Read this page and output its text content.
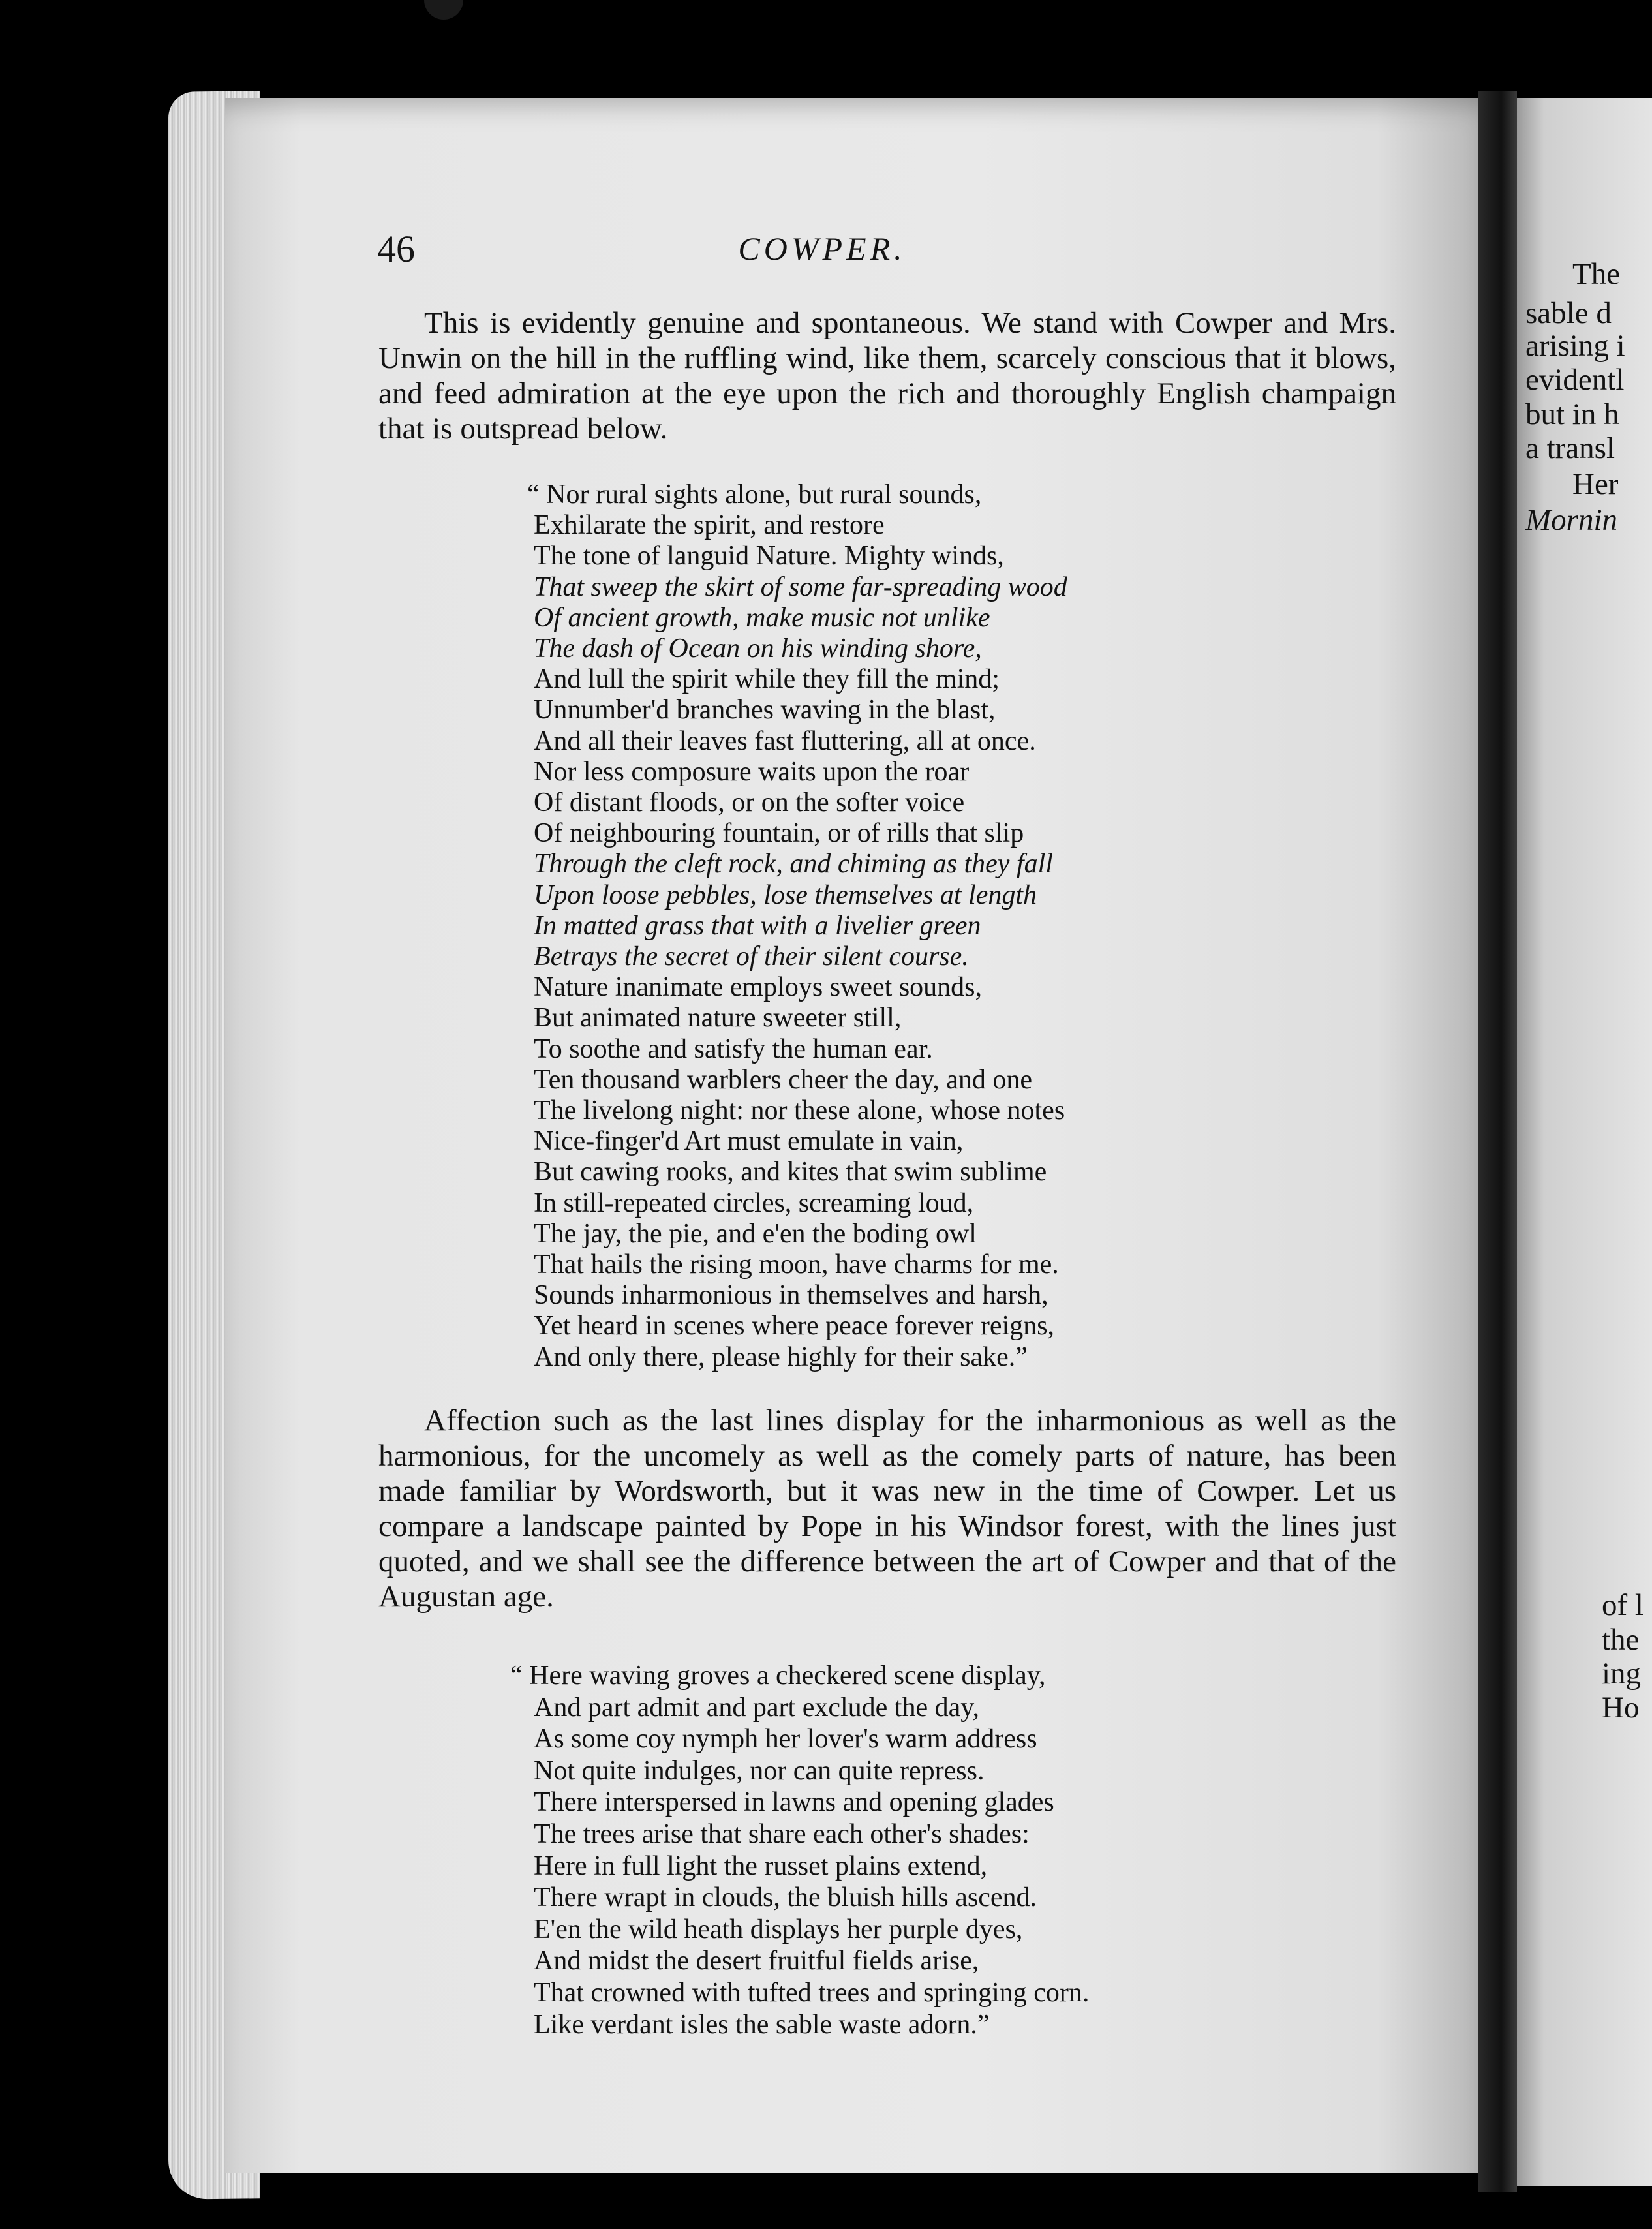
46	COWPER.

This is evidently genuine and spontaneous. We stand with Cowper and Mrs. Unwin on the hill in the ruffling wind, like them, scarcely conscious that it blows, and feed admiration at the eye upon the rich and thoroughly English champaign that is outspread below.

“ Nor rural sights alone, but rural sounds,
Exhilarate the spirit, and restore
The tone of languid Nature. Mighty winds,
That sweep the skirt of some far-spreading wood
Of ancient growth, make music not unlike
The dash of Ocean on his winding shore,
And lull the spirit while they fill the mind;
Unnumber'd branches waving in the blast,
And all their leaves fast fluttering, all at once.
Nor less composure waits upon the roar
Of distant floods, or on the softer voice
Of neighbouring fountain, or of rills that slip
Through the cleft rock, and chiming as they fall
Upon loose pebbles, lose themselves at length
In matted grass that with a livelier green
Betrays the secret of their silent course.
Nature inanimate employs sweet sounds,
But animated nature sweeter still,
To soothe and satisfy the human ear.
Ten thousand warblers cheer the day, and one
The livelong night: nor these alone, whose notes
Nice-finger'd Art must emulate in vain,
But cawing rooks, and kites that swim sublime
In still-repeated circles, screaming loud,
The jay, the pie, and e'en the boding owl
That hails the rising moon, have charms for me.
Sounds inharmonious in themselves and harsh,
Yet heard in scenes where peace forever reigns,
And only there, please highly for their sake.”

Affection such as the last lines display for the inharmonious as well as the harmonious, for the uncomely as well as the comely parts of nature, has been made familiar by Wordsworth, but it was new in the time of Cowper. Let us compare a landscape painted by Pope in his Windsor forest, with the lines just quoted, and we shall see the difference between the art of Cowper and that of the Augustan age.

“ Here waving groves a checkered scene display,
And part admit and part exclude the day,
As some coy nymph her lover's warm address
Not quite indulges, nor can quite repress.
There interspersed in lawns and opening glades
The trees arise that share each other's shades:
Here in full light the russet plains extend,
There wrapt in clouds, the bluish hills ascend.
E'en the wild heath displays her purple dyes,
And midst the desert fruitful fields arise,
That crowned with tufted trees and springing corn.
Like verdant isles the sable waste adorn.”
The
sable d
arising i
evidentl
but in h
a transl
Her
Mornin
of l
the
ing
Ho
